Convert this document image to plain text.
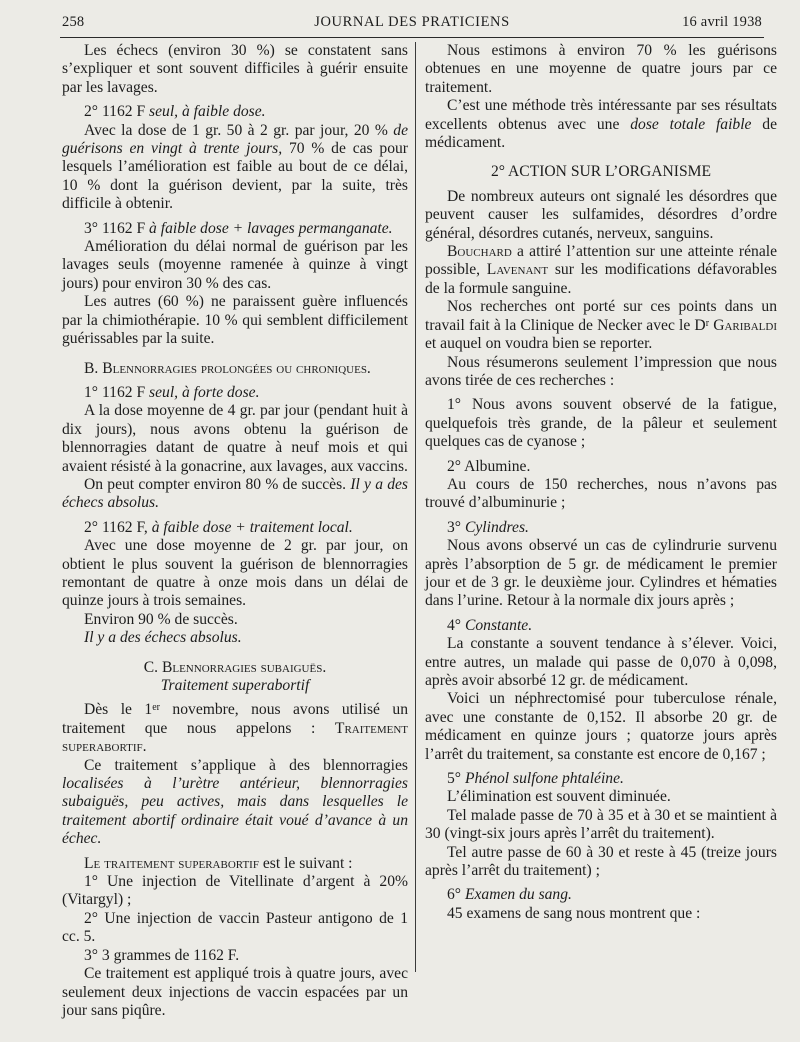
258	JOURNAL DES PRATICIENS	16 avril 1938

Les échecs (environ 30 %) se constatent sans s’expliquer et sont souvent difficiles à guérir ensuite par les lavages.

2° 1162 F seul, à faible dose.

Avec la dose de 1 gr. 50 à 2 gr. par jour, 20 % de guérisons en vingt à trente jours, 70 % de cas pour lesquels l’amélioration est faible au bout de ce délai, 10 % dont la guérison devient, par la suite, très difficile à obtenir.

3° 1162 F à faible dose + lavages permanganate.

Amélioration du délai normal de guérison par les lavages seuls (moyenne ramenée à quinze à vingt jours) pour environ 30 % des cas.

Les autres (60 %) ne paraissent guère influencés par la chimiothérapie. 10 % qui semblent difficilement guérissables par la suite.

B. Blennorragies prolongées ou chroniques.

1° 1162 F seul, à forte dose.

A la dose moyenne de 4 gr. par jour (pendant huit à dix jours), nous avons obtenu la guérison de blennorragies datant de quatre à neuf mois et qui avaient résisté à la gonacrine, aux lavages, aux vaccins.

On peut compter environ 80 % de succès. Il y a des échecs absolus.

2° 1162 F, à faible dose + traitement local.

Avec une dose moyenne de 2 gr. par jour, on obtient le plus souvent la guérison de blennorragies remontant de quatre à onze mois dans un délai de quinze jours à trois semaines.

Environ 90 % de succès.

Il y a des échecs absolus.

C. Blennorragies subaiguës.

Traitement superabortif

Dès le 1er novembre, nous avons utilisé un traitement que nous appelons : Traitement superabortif.

Ce traitement s’applique à des blennorragies localisées à l’urètre antérieur, blennorragies subaiguës, peu actives, mais dans lesquelles le traitement abortif ordinaire était voué d’avance à un échec.

Le traitement superabortif est le suivant :

1° Une injection de Vitellinate d’argent à 20% (Vitargyl) ;

2° Une injection de vaccin Pasteur antigono de 1 cc. 5.

3° 3 grammes de 1162 F.

Ce traitement est appliqué trois à quatre jours, avec seulement deux injections de vaccin espacées par un jour sans piqûre.

Nous estimons à environ 70 % les guérisons obtenues en une moyenne de quatre jours par ce traitement.

C’est une méthode très intéressante par ses résultats excellents obtenus avec une dose totale faible de médicament.

2° ACTION SUR L’ORGANISME

De nombreux auteurs ont signalé les désordres que peuvent causer les sulfamides, désordres d’ordre général, désordres cutanés, nerveux, sanguins.

Bouchard a attiré l’attention sur une atteinte rénale possible, Lavenant sur les modifications défavorables de la formule sanguine.

Nos recherches ont porté sur ces points dans un travail fait à la Clinique de Necker avec le $D^r$ Garibaldi et auquel on voudra bien se reporter.

Nous résumerons seulement l’impression que nous avons tirée de ces recherches :

1° Nous avons souvent observé de la fatigue, quelquefois très grande, de la pâleur et seulement quelques cas de cyanose ;

2° Albumine.

Au cours de 150 recherches, nous n’avons pas trouvé d’albuminurie ;

3° Cylindres.

Nous avons observé un cas de cylindrurie survenu après l’absorption de 5 gr. de médicament le premier jour et de 3 gr. le deuxième jour. Cylindres et hématies dans l’urine. Retour à la normale dix jours après ;

4° Constante.

La constante a souvent tendance à s’élever. Voici, entre autres, un malade qui passe de 0,070 à 0,098, après avoir absorbé 12 gr. de médicament.

Voici un néphrectomisé pour tuberculose rénale, avec une constante de 0,152. Il absorbe 20 gr. de médicament en quinze jours ; quatorze jours après l’arrêt du traitement, sa constante est encore de 0,167 ;

5° Phénol sulfone phtaléine.

L’élimination est souvent diminuée.

Tel malade passe de 70 à 35 et à 30 et se maintient à 30 (vingt-six jours après l’arrêt du traitement).

Tel autre passe de 60 à 30 et reste à 45 (treize jours après l’arrêt du traitement) ;

6° Examen du sang.

45 examens de sang nous montrent que :
